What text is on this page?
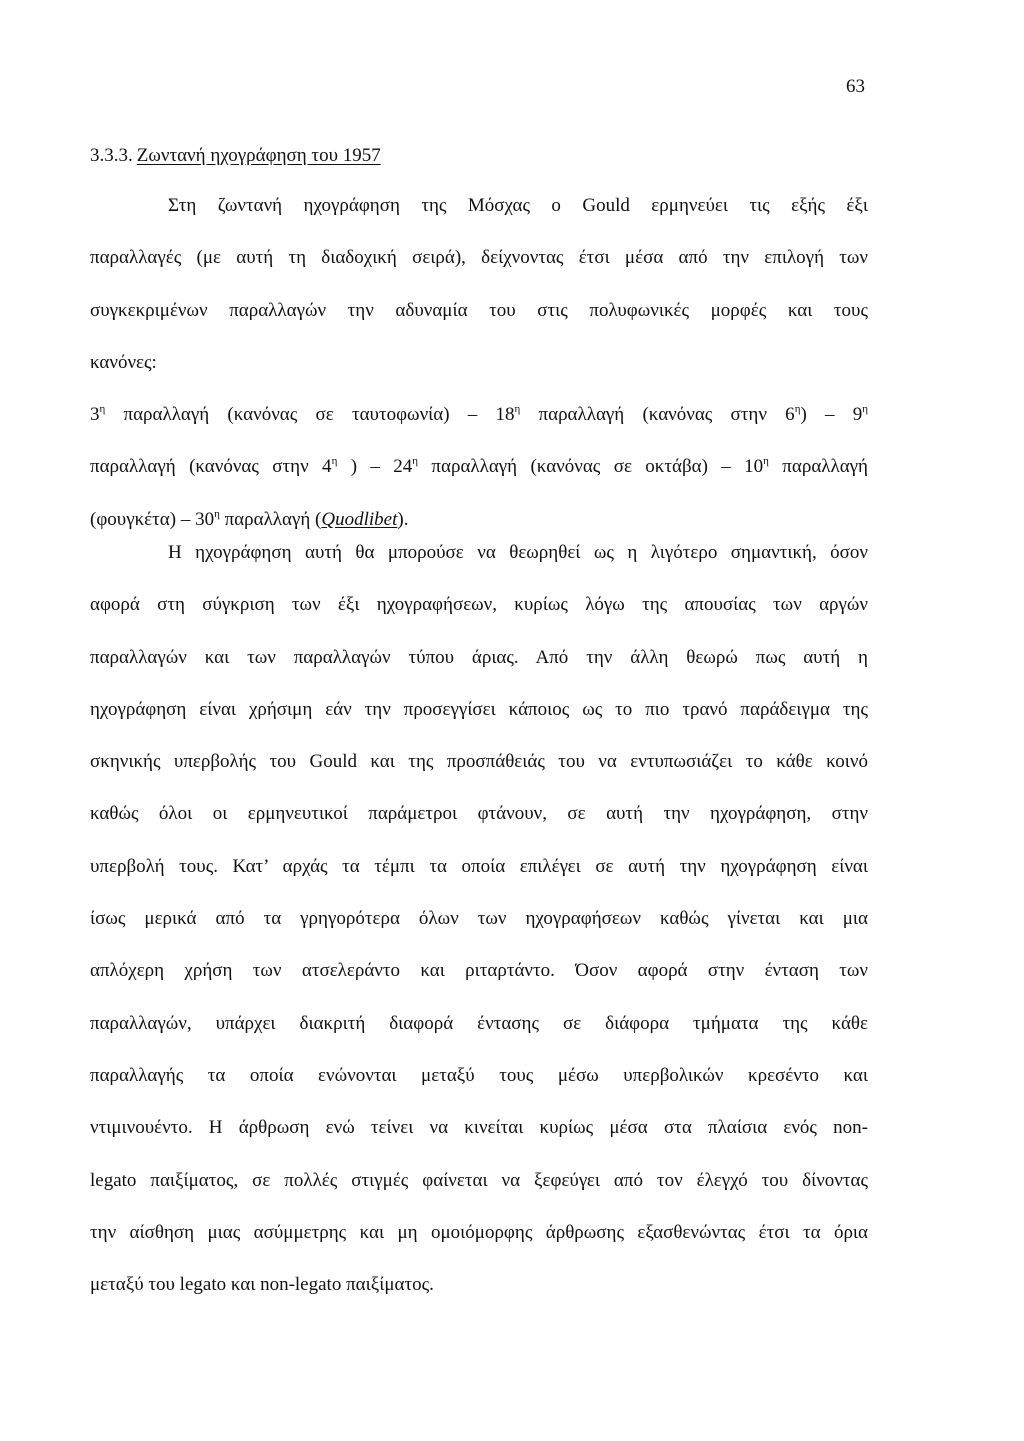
63
3.3.3. Ζωντανή ηχογράφηση του 1957
Στη ζωντανή ηχογράφηση της Μόσχας ο Gould ερμηνεύει τις εξής έξι
παραλλαγές (με αυτή τη διαδοχική σειρά), δείχνοντας έτσι μέσα από την επιλογή των
συγκεκριμένων παραλλαγών την αδυναμία του στις πολυφωνικές μορφές και τους
κανόνες:
$3^\eta$ παραλλαγή (κανόνας σε $\tau\alpha\upsilon\tau o\varphi\omega\nu ί\alpha) - 18^\eta$ παραλλαγή (κανόνας στην $6^\eta) - 9^\eta$
παραλλαγή (κανόνας στην $4^\eta$ ) – $24^\eta$ παραλλαγή (κανόνας σε $o\kappa\tau ά\beta\alpha) - 10^\eta$ παραλλαγή
$(\varphi o\upsilon\gamma\kappa έ\tau\alpha) - 30^\eta$ παραλλαγή (Quodlibet).
Η ηχογράφηση αυτή θα μπορούσε να θεωρηθεί ως η λιγότερο σημαντική, όσον
αφορά στη σύγκριση των έξι ηχογραφήσεων, κυρίως λόγω της απουσίας των αργών
παραλλαγών και των παραλλαγών τύπου άριας. Από την άλλη θεωρώ πως αυτή η
ηχογράφηση είναι χρήσιμη εάν την προσεγγίσει κάποιος ως το πιο τρανό παράδειγμα της
σκηνικής υπερβολής του Gould και της προσπάθειάς του να εντυπωσιάζει το κάθε κοινό
καθώς όλοι οι ερμηνευτικοί παράμετροι φτάνουν, σε αυτή την ηχογράφηση, στην
υπερβολή τους. Κατ’ αρχάς τα τέμπι τα οποία επιλέγει σε αυτή την ηχογράφηση είναι
ίσως μερικά από τα γρηγορότερα όλων των ηχογραφήσεων καθώς γίνεται και μια
απλόχερη χρήση των ατσελεράντο και ριταρτάντο. Όσον αφορά στην ένταση των
παραλλαγών, υπάρχει διακριτή διαφορά έντασης σε διάφορα τμήματα της κάθε
παραλλαγής τα οποία ενώνονται μεταξύ τους μέσω υπερβολικών κρεσέντο και
ντιμινουέντο. Η άρθρωση ενώ τείνει να κινείται κυρίως μέσα στα πλαίσια ενός non-
legato παιξίματος, σε πολλές στιγμές φαίνεται να ξεφεύγει από τον έλεγχό του δίνοντας
την αίσθηση μιας ασύμμετρης και μη ομοιόμορφης άρθρωσης εξασθενώντας έτσι τα όρια
μεταξύ του legato και non-legato παιξίματος.
